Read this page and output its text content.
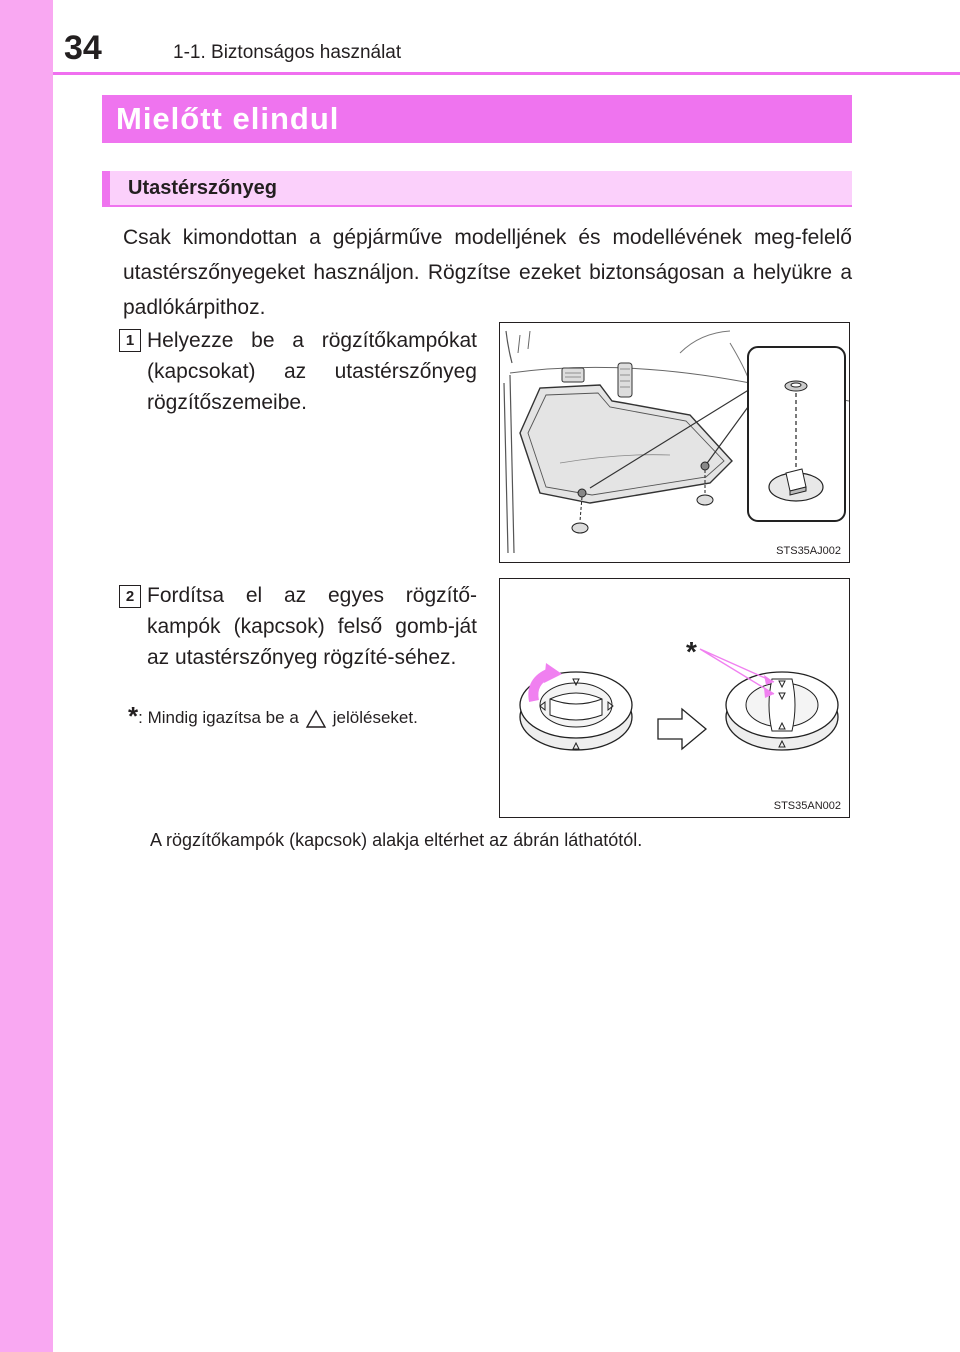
34	1-1. Biztonságos használat
Mielőtt elindul
Utastérszőnyeg
Csak kimondottan a gépjárműve modelljének és modellévének meg-felelő utastérszőnyegeket használjon. Rögzítse ezeket biztonságosan a helyükre a padlókárpithoz.
1 Helyezze be a rögzítőkampókat (kapcsokat) az utastérszőnyeg rögzítőszemeibe.
STS35AJ002
2 Fordítsa el az egyes rögzítő-kampók (kapcsok) felső gomb-ját az utastérszőnyeg rögzíté-séhez.
*: Mindig igazítsa be a jelöléseket.
*
STS35AN002
A rögzítőkampók (kapcsok) alakja eltérhet az ábrán láthatótól.
